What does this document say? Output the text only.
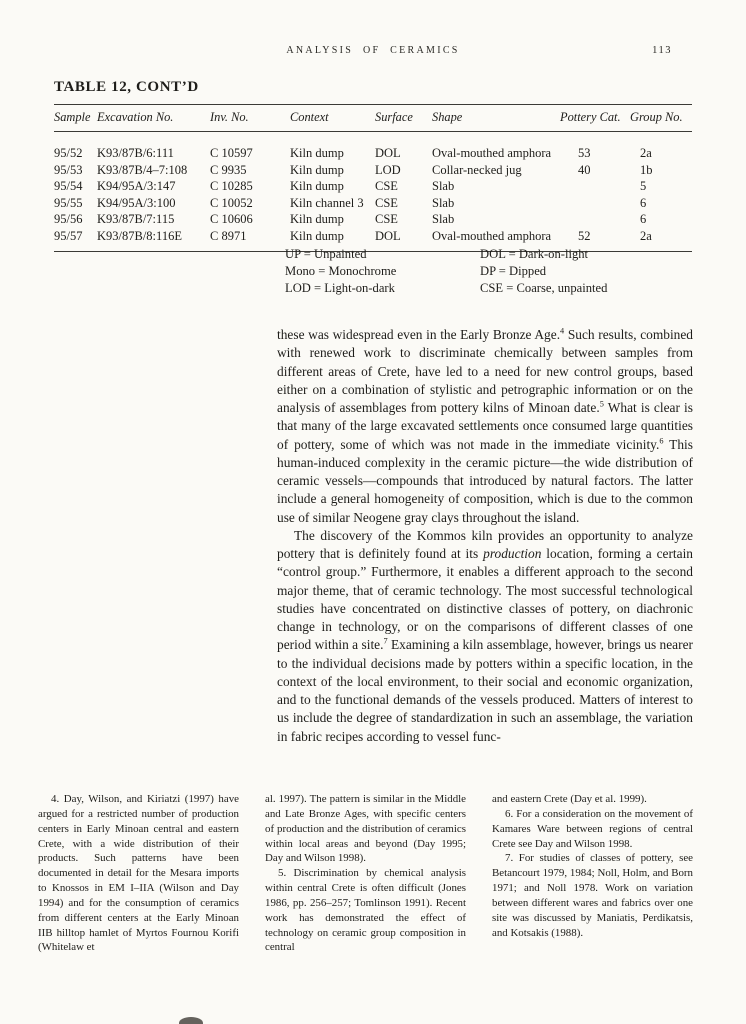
ANALYSIS OF CERAMICS	113
TABLE 12, CONT’D
Sample	Excavation No.	Inv. No.	Context	Surface	Shape	Pottery Cat.	Group No.
95/52	K93/87B/6:111	C 10597	Kiln dump	DOL	Oval-mouthed amphora	53	2a
95/53	K93/87B/4–7:108	C 9935	Kiln dump	LOD	Collar-necked jug	40	1b
95/54	K94/95A/3:147	C 10285	Kiln dump	CSE	Slab		5
95/55	K94/95A/3:100	C 10052	Kiln channel 3	CSE	Slab		6
95/56	K93/87B/7:115	C 10606	Kiln dump	CSE	Slab		6
95/57	K93/87B/8:116E	C 8971	Kiln dump	DOL	Oval-mouthed amphora	52	2a
UP = Unpainted
Mono = Monochrome
LOD = Light-on-dark
DOL = Dark-on-light
DP = Dipped
CSE = Coarse, unpainted

these was widespread even in the Early Bronze Age.$^4$ Such results, combined with renewed work to discriminate chemically between samples from different areas of Crete, have led to a need for new control groups, based either on a combination of stylistic and petrographic information or on the analysis of assemblages from pottery kilns of Minoan date.$^5$ What is clear is that many of the large excavated settlements once consumed large quantities of pottery, some of which was not made in the immediate vicinity.$^6$ This human-induced complexity in the ceramic picture—the wide distribution of ceramic vessels—compounds that introduced by natural factors. The latter include a general homogeneity of composition, which is due to the common use of similar Neogene gray clays throughout the island.

The discovery of the Kommos kiln provides an opportunity to analyze pottery that is definitely found at its production location, forming a certain “control group.” Furthermore, it enables a different approach to the second major theme, that of ceramic technology. The most successful technological studies have concentrated on distinctive classes of pottery, on diachronic change in technology, or on the comparisons of different classes of one period within a site.$^7$ Examining a kiln assemblage, however, brings us nearer to the individual decisions made by potters within a specific location, in the context of the local environment, to their social and economic organization, and to the functional demands of the vessels produced. Matters of interest to us include the degree of standardization in such an assemblage, the variation in fabric recipes according to vessel func-

4. Day, Wilson, and Kiriatzi (1997) have argued for a restricted number of production centers in Early Minoan central and eastern Crete, with a wide distribution of their products. Such patterns have been documented in detail for the Mesara imports to Knossos in EM I–IIA (Wilson and Day 1994) and for the consumption of ceramics from different centers at the Early Minoan IIB hilltop hamlet of Myrtos Fournou Korifi (Whitelaw et

al. 1997). The pattern is similar in the Middle and Late Bronze Ages, with specific centers of production and the distribution of ceramics within local areas and beyond (Day 1995; Day and Wilson 1998).

5. Discrimination by chemical analysis within central Crete is often difficult (Jones 1986, pp. 256–257; Tomlinson 1991). Recent work has demonstrated the effect of technology on ceramic group composition in central

and eastern Crete (Day et al. 1999).

6. For a consideration on the movement of Kamares Ware between regions of central Crete see Day and Wilson 1998.

7. For studies of classes of pottery, see Betancourt 1979, 1984; Noll, Holm, and Born 1971; and Noll 1978. Work on variation between different wares and fabrics over one site was discussed by Maniatis, Perdikatsis, and Kotsakis (1988).
